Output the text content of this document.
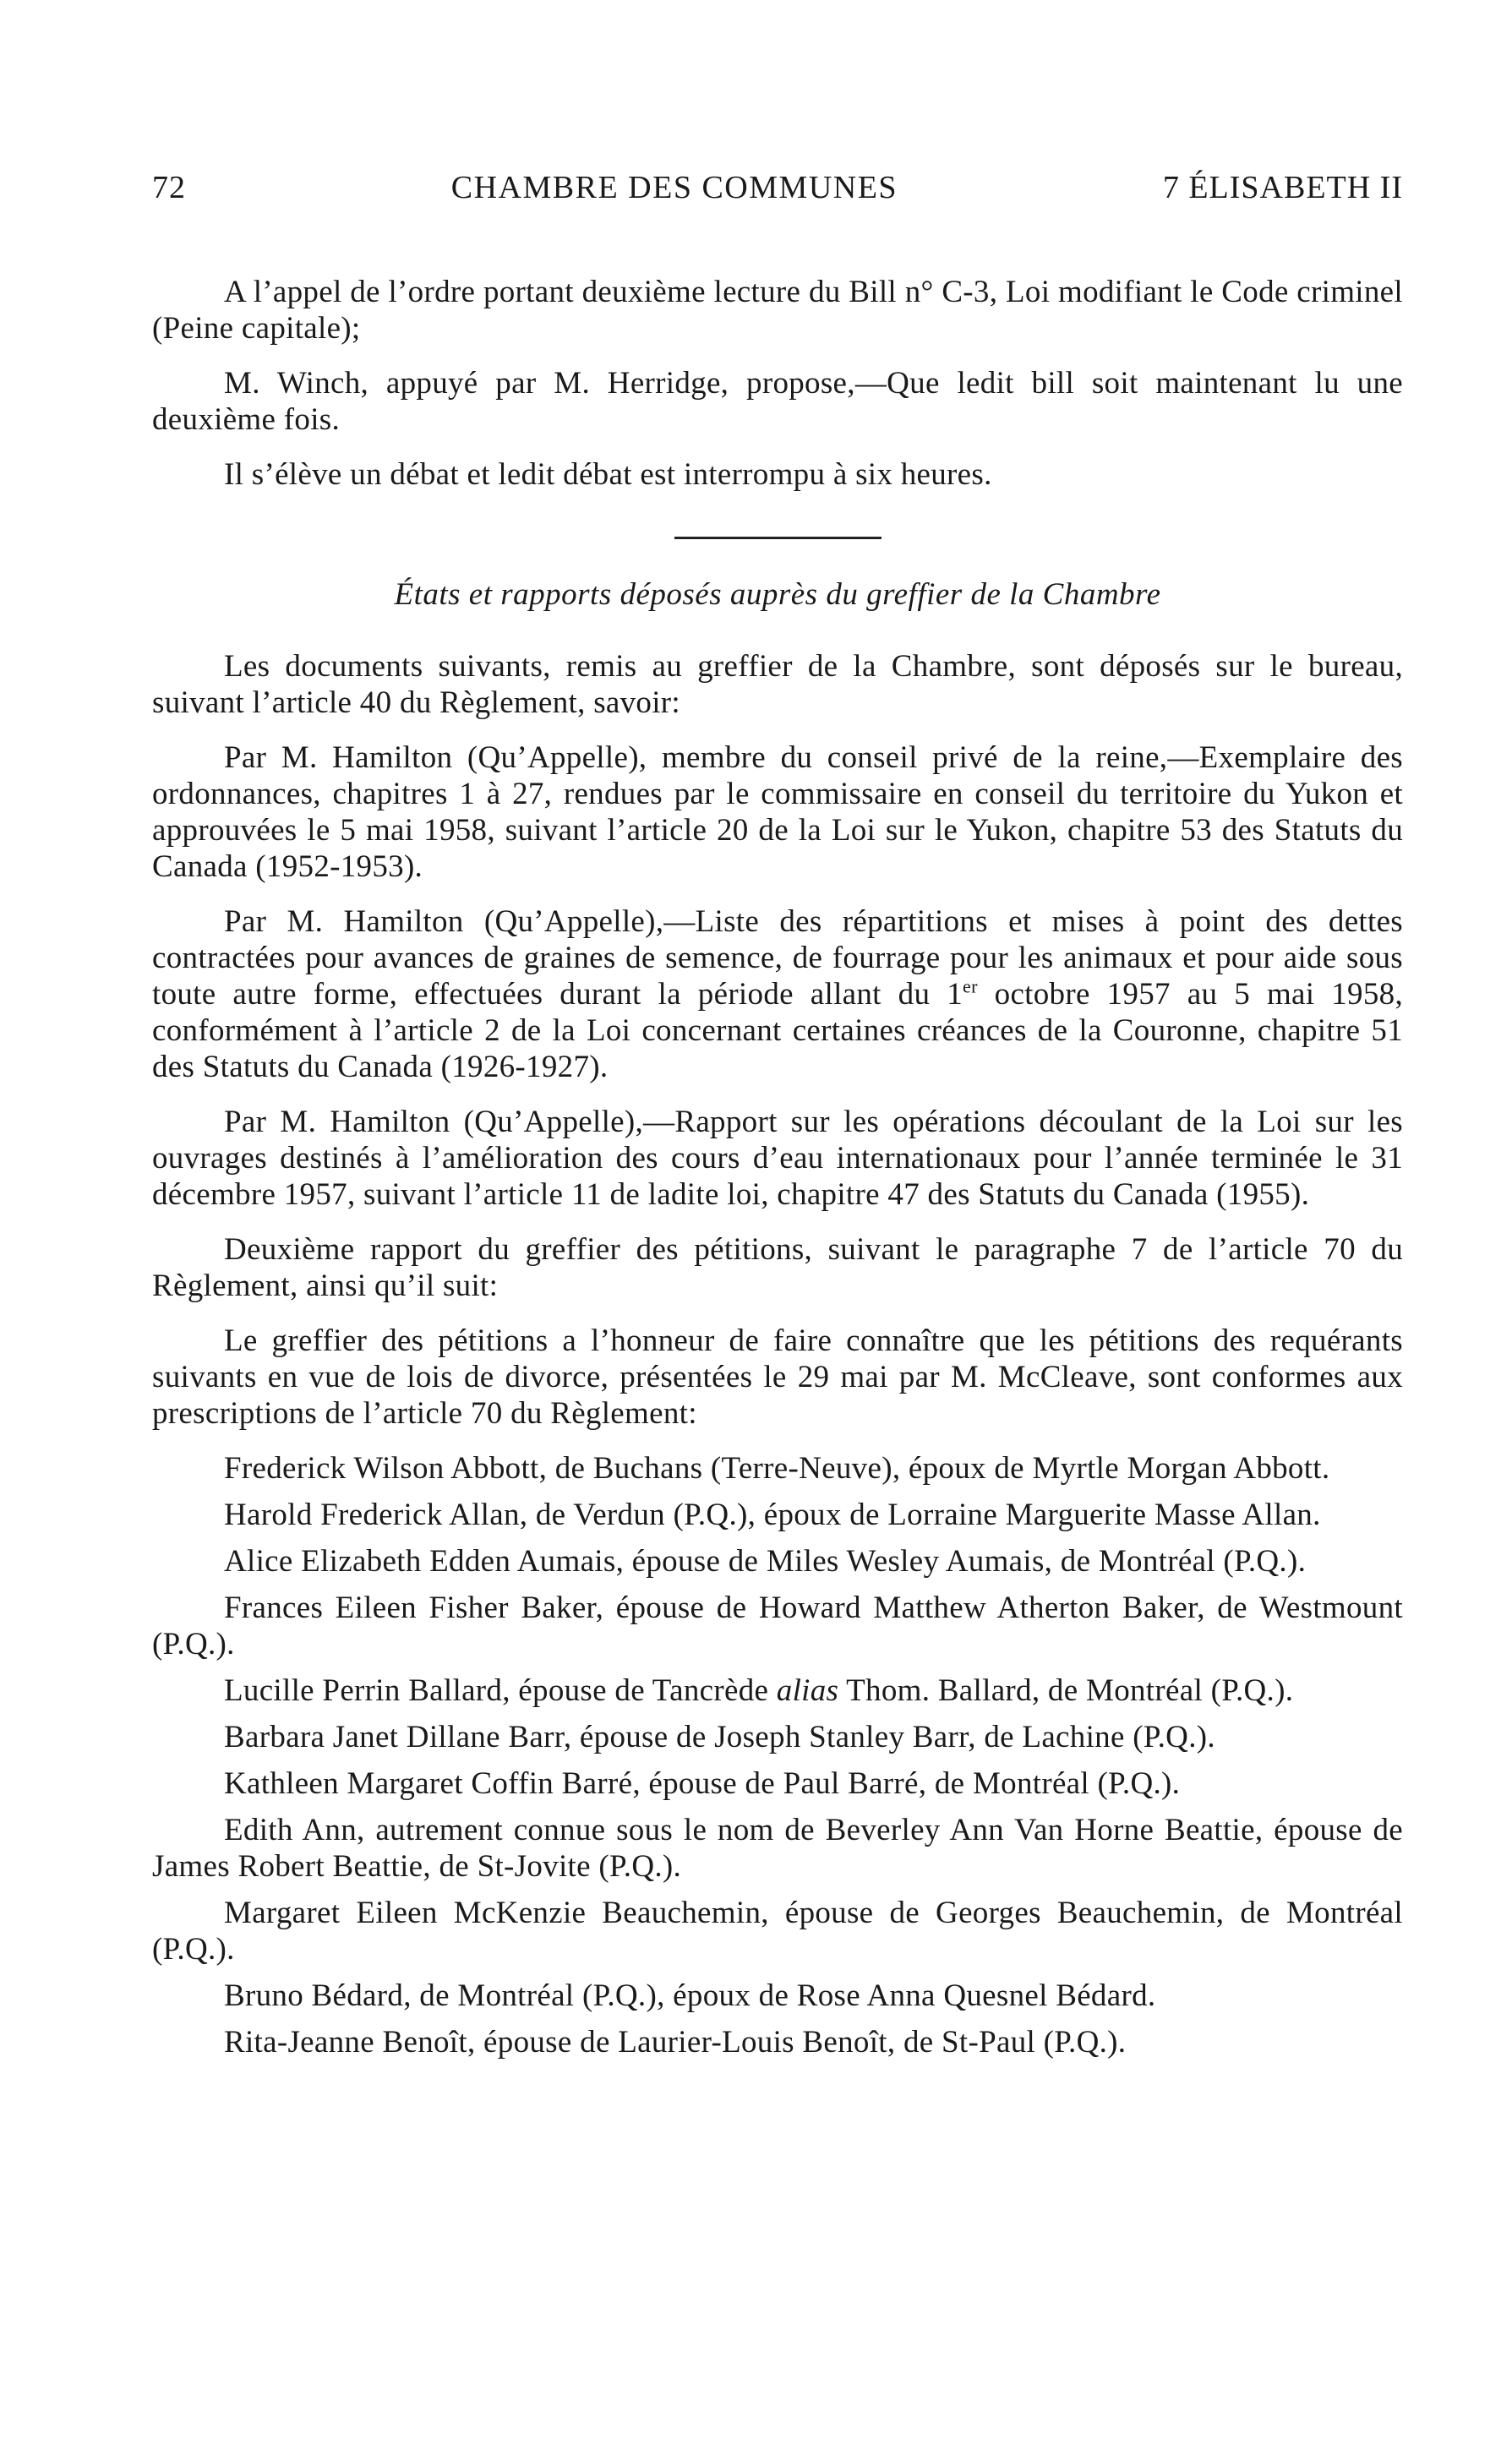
72	CHAMBRE DES COMMUNES	7 ÉLISABETH II

A l’appel de l’ordre portant deuxième lecture du Bill n° C-3, Loi modifiant le Code criminel (Peine capitale);

M. Winch, appuyé par M. Herridge, propose,—Que ledit bill soit maintenant lu une deuxième fois.

Il s’élève un débat et ledit débat est interrompu à six heures.

États et rapports déposés auprès du greffier de la Chambre

Les documents suivants, remis au greffier de la Chambre, sont déposés sur le bureau, suivant l’article 40 du Règlement, savoir:

Par M. Hamilton (Qu’Appelle), membre du conseil privé de la reine,—Exemplaire des ordonnances, chapitres 1 à 27, rendues par le commissaire en conseil du territoire du Yukon et approuvées le 5 mai 1958, suivant l’article 20 de la Loi sur le Yukon, chapitre 53 des Statuts du Canada (1952-1953).

Par M. Hamilton (Qu’Appelle),—Liste des répartitions et mises à point des dettes contractées pour avances de graines de semence, de fourrage pour les animaux et pour aide sous toute autre forme, effectuées durant la période allant du 1er octobre 1957 au 5 mai 1958, conformément à l’article 2 de la Loi concernant certaines créances de la Couronne, chapitre 51 des Statuts du Canada (1926-1927).

Par M. Hamilton (Qu’Appelle),—Rapport sur les opérations découlant de la Loi sur les ouvrages destinés à l’amélioration des cours d’eau internationaux pour l’année terminée le 31 décembre 1957, suivant l’article 11 de ladite loi, chapitre 47 des Statuts du Canada (1955).

Deuxième rapport du greffier des pétitions, suivant le paragraphe 7 de l’article 70 du Règlement, ainsi qu’il suit:

Le greffier des pétitions a l’honneur de faire connaître que les pétitions des requérants suivants en vue de lois de divorce, présentées le 29 mai par M. McCleave, sont conformes aux prescriptions de l’article 70 du Règlement:

Frederick Wilson Abbott, de Buchans (Terre-Neuve), époux de Myrtle Morgan Abbott.

Harold Frederick Allan, de Verdun (P.Q.), époux de Lorraine Marguerite Masse Allan.

Alice Elizabeth Edden Aumais, épouse de Miles Wesley Aumais, de Montréal (P.Q.).

Frances Eileen Fisher Baker, épouse de Howard Matthew Atherton Baker, de Westmount (P.Q.).

Lucille Perrin Ballard, épouse de Tancrède alias Thom. Ballard, de Montréal (P.Q.).

Barbara Janet Dillane Barr, épouse de Joseph Stanley Barr, de Lachine (P.Q.).

Kathleen Margaret Coffin Barré, épouse de Paul Barré, de Montréal (P.Q.).

Edith Ann, autrement connue sous le nom de Beverley Ann Van Horne Beattie, épouse de James Robert Beattie, de St-Jovite (P.Q.).

Margaret Eileen McKenzie Beauchemin, épouse de Georges Beauchemin, de Montréal (P.Q.).

Bruno Bédard, de Montréal (P.Q.), époux de Rose Anna Quesnel Bédard.

Rita-Jeanne Benoît, épouse de Laurier-Louis Benoît, de St-Paul (P.Q.).
